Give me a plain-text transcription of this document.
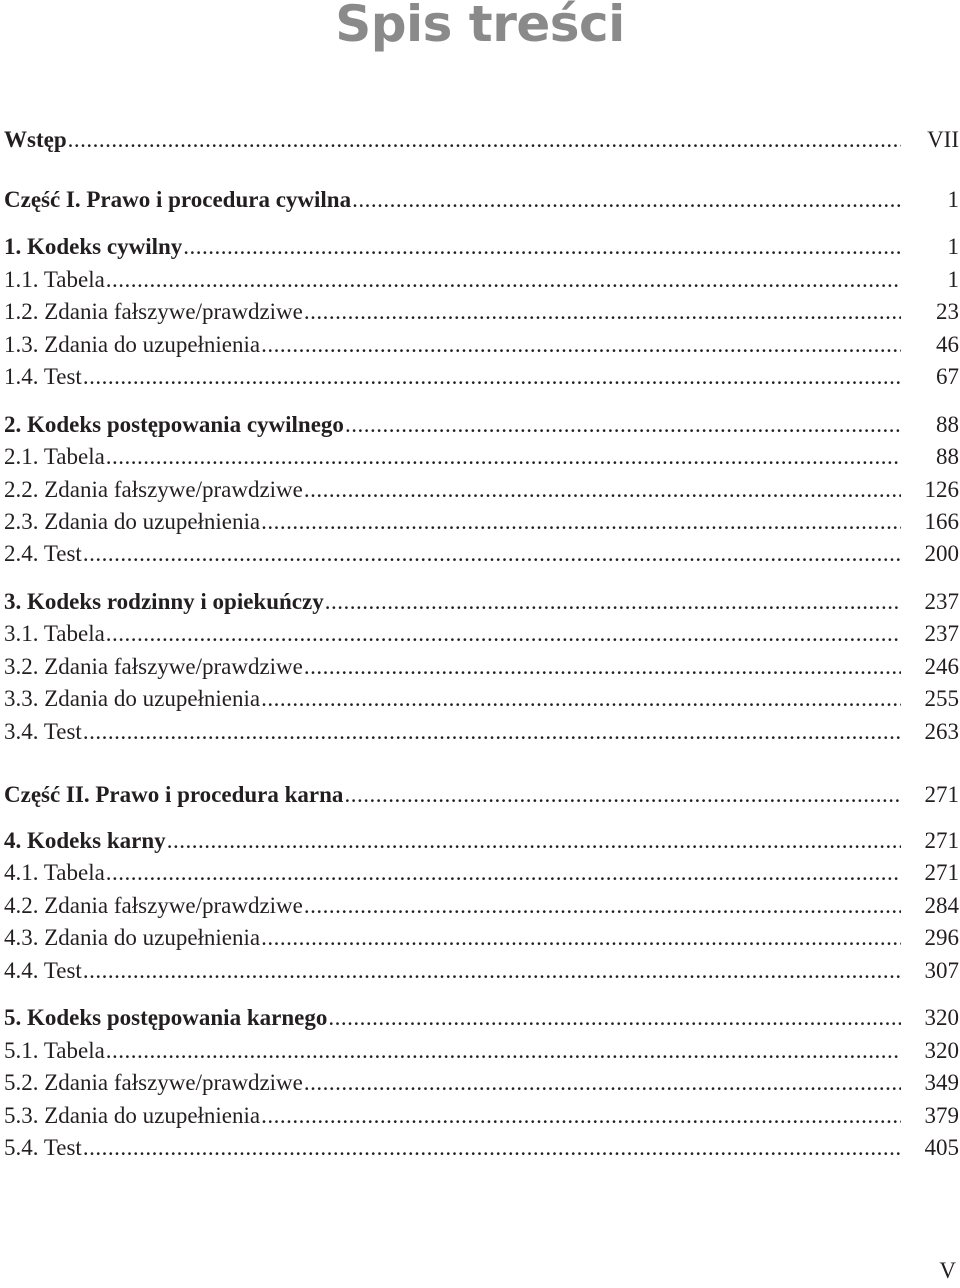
Spis treści
Wstęp .....	VII
Część I. Prawo i procedura cywilna .....	1
1. Kodeks cywilny .....	1
1.1. Tabela .....	1
1.2. Zdania fałszywe/prawdziwe .....	23
1.3. Zdania do uzupełnienia .....	46
1.4. Test .....	67
2. Kodeks postępowania cywilnego .....	88
2.1. Tabela .....	88
2.2. Zdania fałszywe/prawdziwe .....	126
2.3. Zdania do uzupełnienia .....	166
2.4. Test .....	200
3. Kodeks rodzinny i opiekuńczy .....	237
3.1. Tabela .....	237
3.2. Zdania fałszywe/prawdziwe .....	246
3.3. Zdania do uzupełnienia .....	255
3.4. Test .....	263
Część II. Prawo i procedura karna .....	271
4. Kodeks karny .....	271
4.1. Tabela .....	271
4.2. Zdania fałszywe/prawdziwe .....	284
4.3. Zdania do uzupełnienia .....	296
4.4. Test .....	307
5. Kodeks postępowania karnego .....	320
5.1. Tabela .....	320
5.2. Zdania fałszywe/prawdziwe .....	349
5.3. Zdania do uzupełnienia .....	379
5.4. Test .....	405
V
